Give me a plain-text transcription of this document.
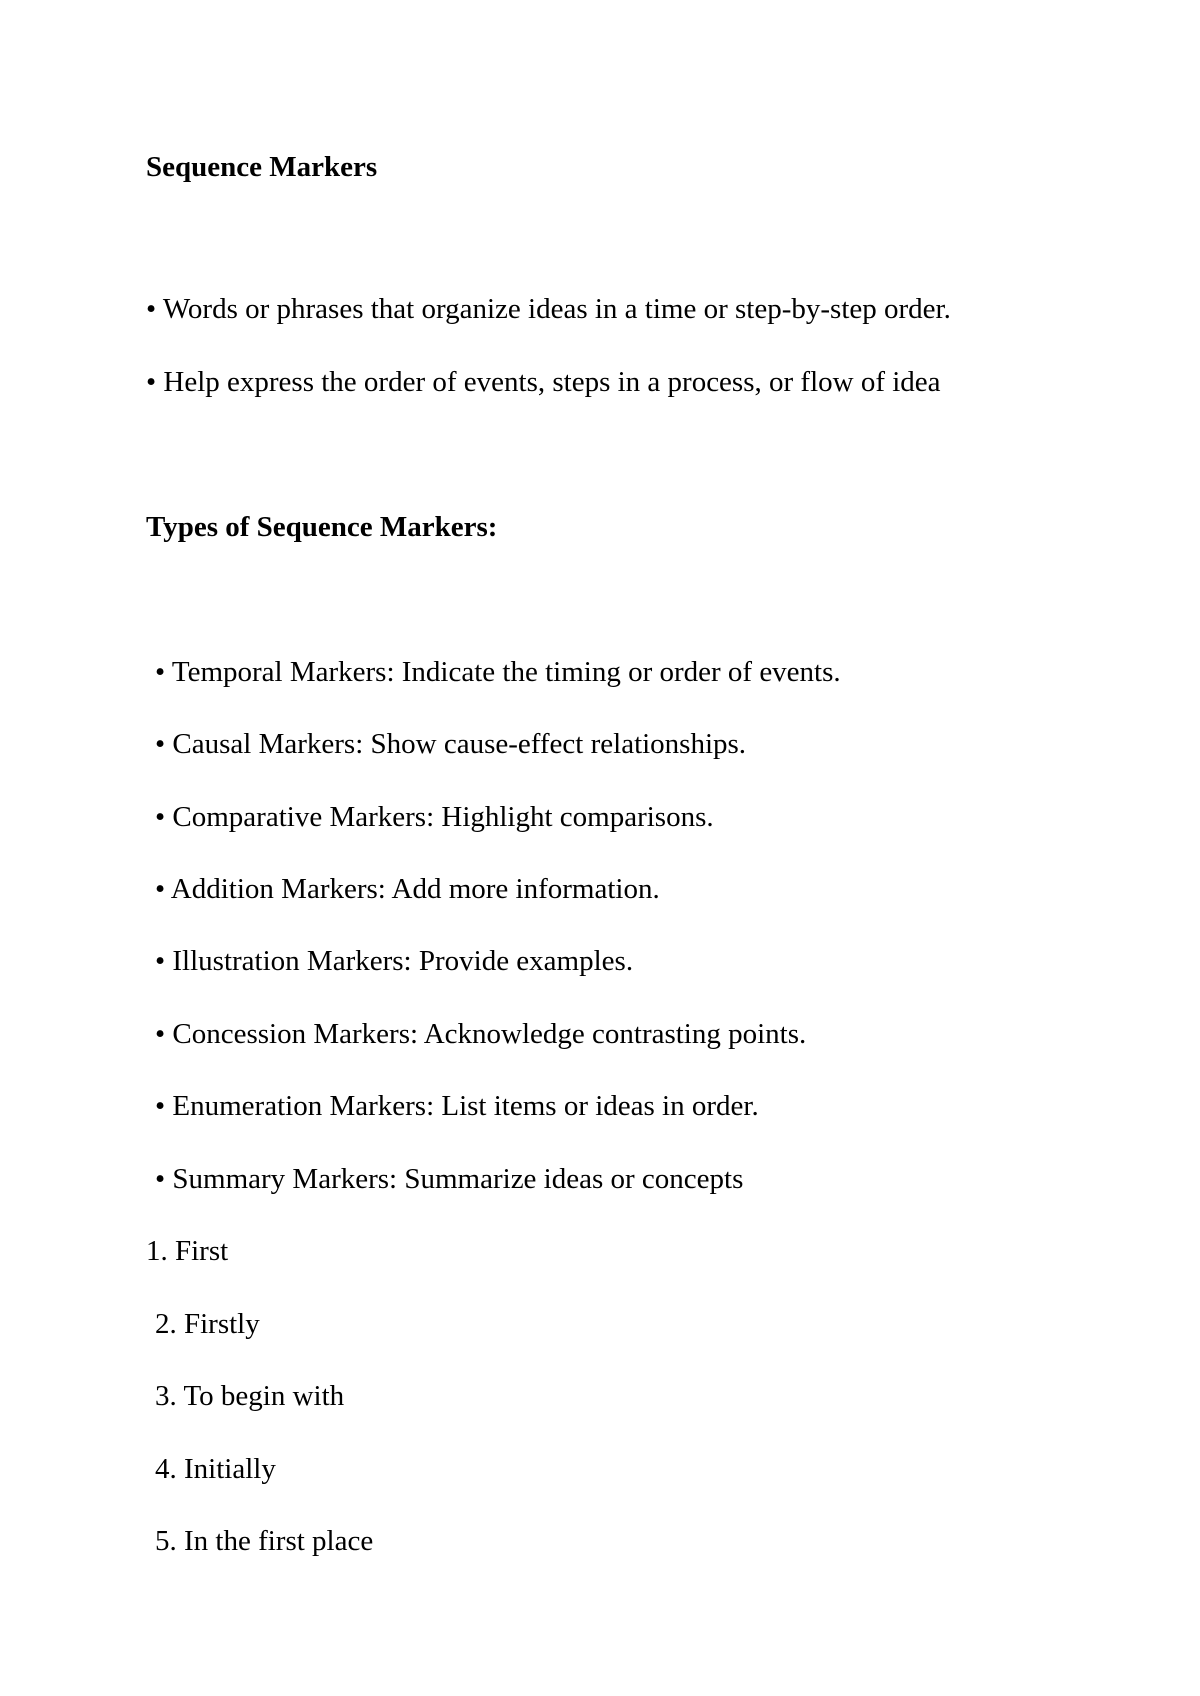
Sequence Markers
• Words or phrases that organize ideas in a time or step-by-step order.
• Help express the order of events, steps in a process, or flow of idea
Types of Sequence Markers:
• Temporal Markers: Indicate the timing or order of events.
• Causal Markers: Show cause-effect relationships.
• Comparative Markers: Highlight comparisons.
• Addition Markers: Add more information.
• Illustration Markers: Provide examples.
• Concession Markers: Acknowledge contrasting points.
• Enumeration Markers: List items or ideas in order.
• Summary Markers: Summarize ideas or concepts
1. First
2. Firstly
3. To begin with
4. Initially
5. In the first place
